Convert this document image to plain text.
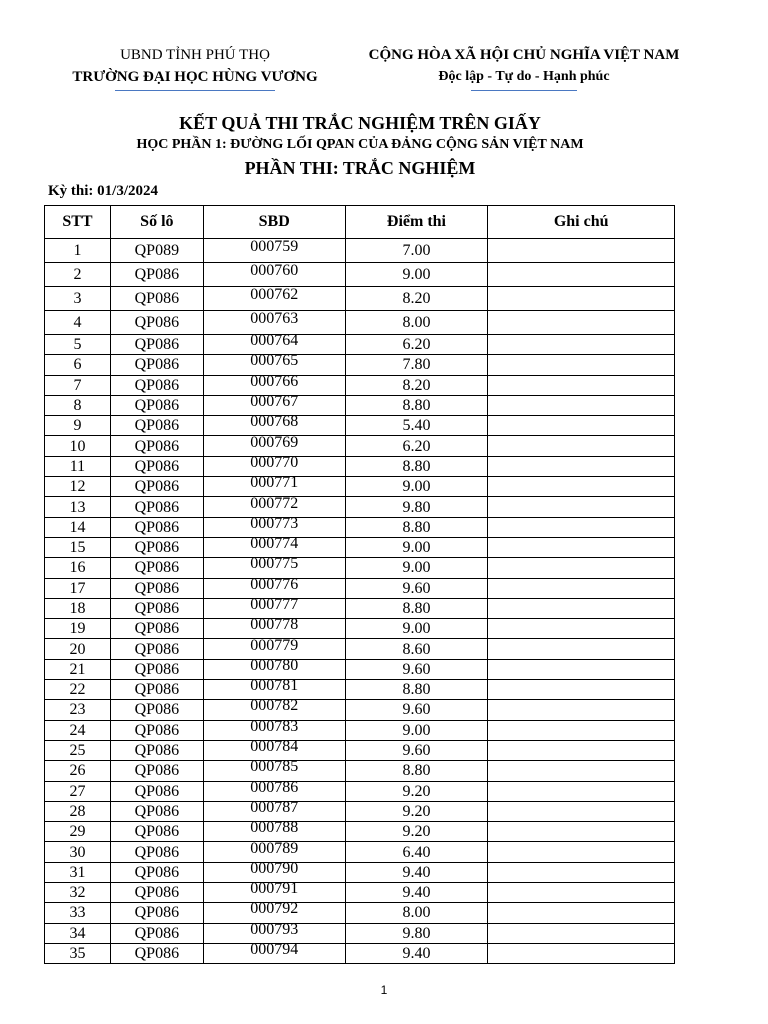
UBND TỈNH PHÚ THỌ
TRƯỜNG ĐẠI HỌC HÙNG VƯƠNG
CỘNG HÒA XÃ HỘI CHỦ NGHĨA VIỆT NAM
Độc lập - Tự do - Hạnh phúc
KẾT QUẢ THI TRẮC NGHIỆM TRÊN GIẤY
HỌC PHẦN 1: ĐƯỜNG LỐI QPAN CỦA ĐẢNG CỘNG SẢN VIỆT NAM
PHẦN THI: TRẮC NGHIỆM
Kỳ thi: 01/3/2024
STT	Số lô	SBD	Điểm thi	Ghi chú
1	QP089	000759	7.00	
2	QP086	000760	9.00	
3	QP086	000762	8.20	
4	QP086	000763	8.00	
5	QP086	000764	6.20	
6	QP086	000765	7.80	
7	QP086	000766	8.20	
8	QP086	000767	8.80	
9	QP086	000768	5.40	
10	QP086	000769	6.20	
11	QP086	000770	8.80	
12	QP086	000771	9.00	
13	QP086	000772	9.80	
14	QP086	000773	8.80	
15	QP086	000774	9.00	
16	QP086	000775	9.00	
17	QP086	000776	9.60	
18	QP086	000777	8.80	
19	QP086	000778	9.00	
20	QP086	000779	8.60	
21	QP086	000780	9.60	
22	QP086	000781	8.80	
23	QP086	000782	9.60	
24	QP086	000783	9.00	
25	QP086	000784	9.60	
26	QP086	000785	8.80	
27	QP086	000786	9.20	
28	QP086	000787	9.20	
29	QP086	000788	9.20	
30	QP086	000789	6.40	
31	QP086	000790	9.40	
32	QP086	000791	9.40	
33	QP086	000792	8.00	
34	QP086	000793	9.80	
35	QP086	000794	9.40	
1
